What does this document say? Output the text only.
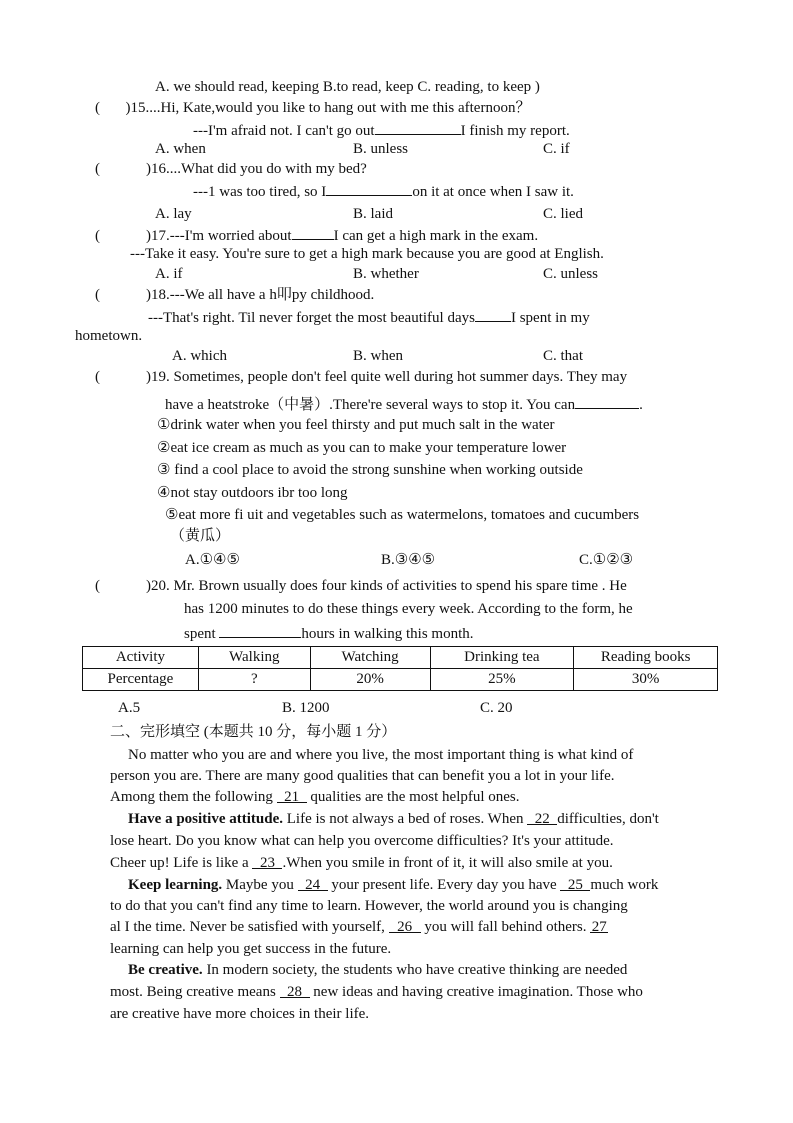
A. we should read, keeping B.to read, keep C. reading, to keep )
( )15....Hi, Kate,would you like to hang out with me this afternoon？
---I'm afraid not. I can't go out	I finish my report.
A. when	B. unless	C. if
(	)16....What did you do with my bed?
---1 was too tired, so I	on it at once when I saw it.
A. lay	B. laid	C. lied
(	)17.---I'm worried about	I can get a high mark in the exam.
---Take it easy. You're sure to get a high mark because you are good at English.
A. if	B. whether	C. unless
(	)18.---We all have a h叩py childhood.
---That's right. Til never forget the most beautiful days I spent in my
hometown.
A. which	B. when	C. that
(	)19. Sometimes, people don't feel quite well during hot summer days. They may
have a heatstroke（中暑）.There're several ways to stop it. You can	.
①drink water when you feel thirsty and put much salt in the water
②eat ice cream as much as you can to make your temperature lower
③ find a cool place to avoid the strong sunshine when working outside
④not stay outdoors ibr too long
⑤eat more fi uit and vegetables such as watermelons, tomatoes and cucumbers
（黄瓜）
A.①④⑤	B.③④⑤	C.①②③
(	)20. Mr. Brown usually does four kinds of activities to spend his spare time . He
has 1200 minutes to do these things every week. According to the form, he
spent	hours in walking this month.
Activity	Walking	Watching	Drinking tea	Reading books
Percentage	?	20%	25%	30%
A.5	B. 1200	C. 20
二、完形填空 (本题共 10 分，每小题 1 分）
No matter who you are and where you live, the most important thing is what kind of
person you are. There are many good qualities that can benefit you a lot in your life.
Among them the following 21 qualities are the most helpful ones.
Have a positive attitude. Life is not always a bed of roses. When 22 difficulties, don't
lose heart. Do you know what can help you overcome difficulties? It's your attitude.
Cheer up! Life is like a 23 .When you smile in front of it, it will also smile at you.
Keep learning. Maybe you 24 your present life. Every day you have 25 much work
to do that you can't find any time to learn. However, the world around you is changing
al I the time. Never be satisfied with yourself, 26 you will fall behind others. 27
learning can help you get success in the future.
Be creative. In modern society, the students who have creative thinking are needed
most. Being creative means 28 new ideas and having creative imagination. Those who
are creative have more choices in their life.
